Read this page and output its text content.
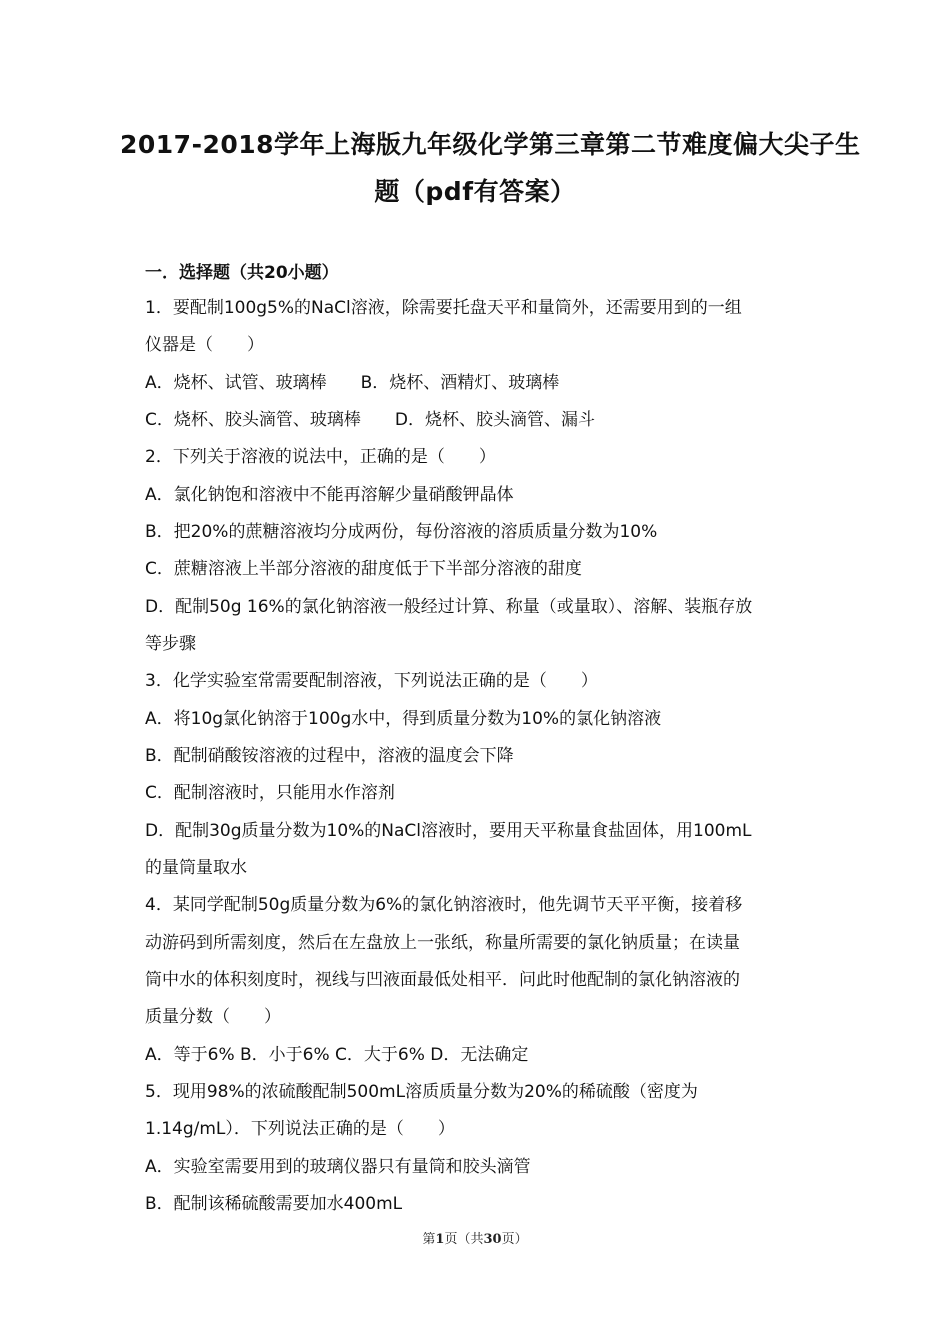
2017-2018学年上海版九年级化学第三章第二节难度偏大尖子生
题（pdf有答案）
一．选择题（共20小题）
1．要配制100g5%的NaCl溶液，除需要托盘天平和量筒外，还需要用到的一组
仪器是（　　）
A．烧杯、试管、玻璃棒　　B．烧杯、酒精灯、玻璃棒
C．烧杯、胶头滴管、玻璃棒　　D．烧杯、胶头滴管、漏斗
2．下列关于溶液的说法中，正确的是（　　）
A．氯化钠饱和溶液中不能再溶解少量硝酸钾晶体
B．把20%的蔗糖溶液均分成两份，每份溶液的溶质质量分数为10%
C．蔗糖溶液上半部分溶液的甜度低于下半部分溶液的甜度
D．配制50g 16%的氯化钠溶液一般经过计算、称量（或量取）、溶解、装瓶存放
等步骤
3．化学实验室常需要配制溶液，下列说法正确的是（　　）
A．将10g氯化钠溶于100g水中，得到质量分数为10%的氯化钠溶液
B．配制硝酸铵溶液的过程中，溶液的温度会下降
C．配制溶液时，只能用水作溶剂
D．配制30g质量分数为10%的NaCl溶液时，要用天平称量食盐固体，用100mL
的量筒量取水
4．某同学配制50g质量分数为6%的氯化钠溶液时，他先调节天平平衡，接着移
动游码到所需刻度，然后在左盘放上一张纸，称量所需要的氯化钠质量；在读量
筒中水的体积刻度时，视线与凹液面最低处相平．问此时他配制的氯化钠溶液的
质量分数（　　）
A．等于6% B．小于6% C．大于6% D．无法确定
5．现用98%的浓硫酸配制500mL溶质质量分数为20%的稀硫酸（密度为
1.14g/mL）．下列说法正确的是（　　）
A．实验室需要用到的玻璃仪器只有量筒和胶头滴管
B．配制该稀硫酸需要加水400mL
第1页（共30页）
